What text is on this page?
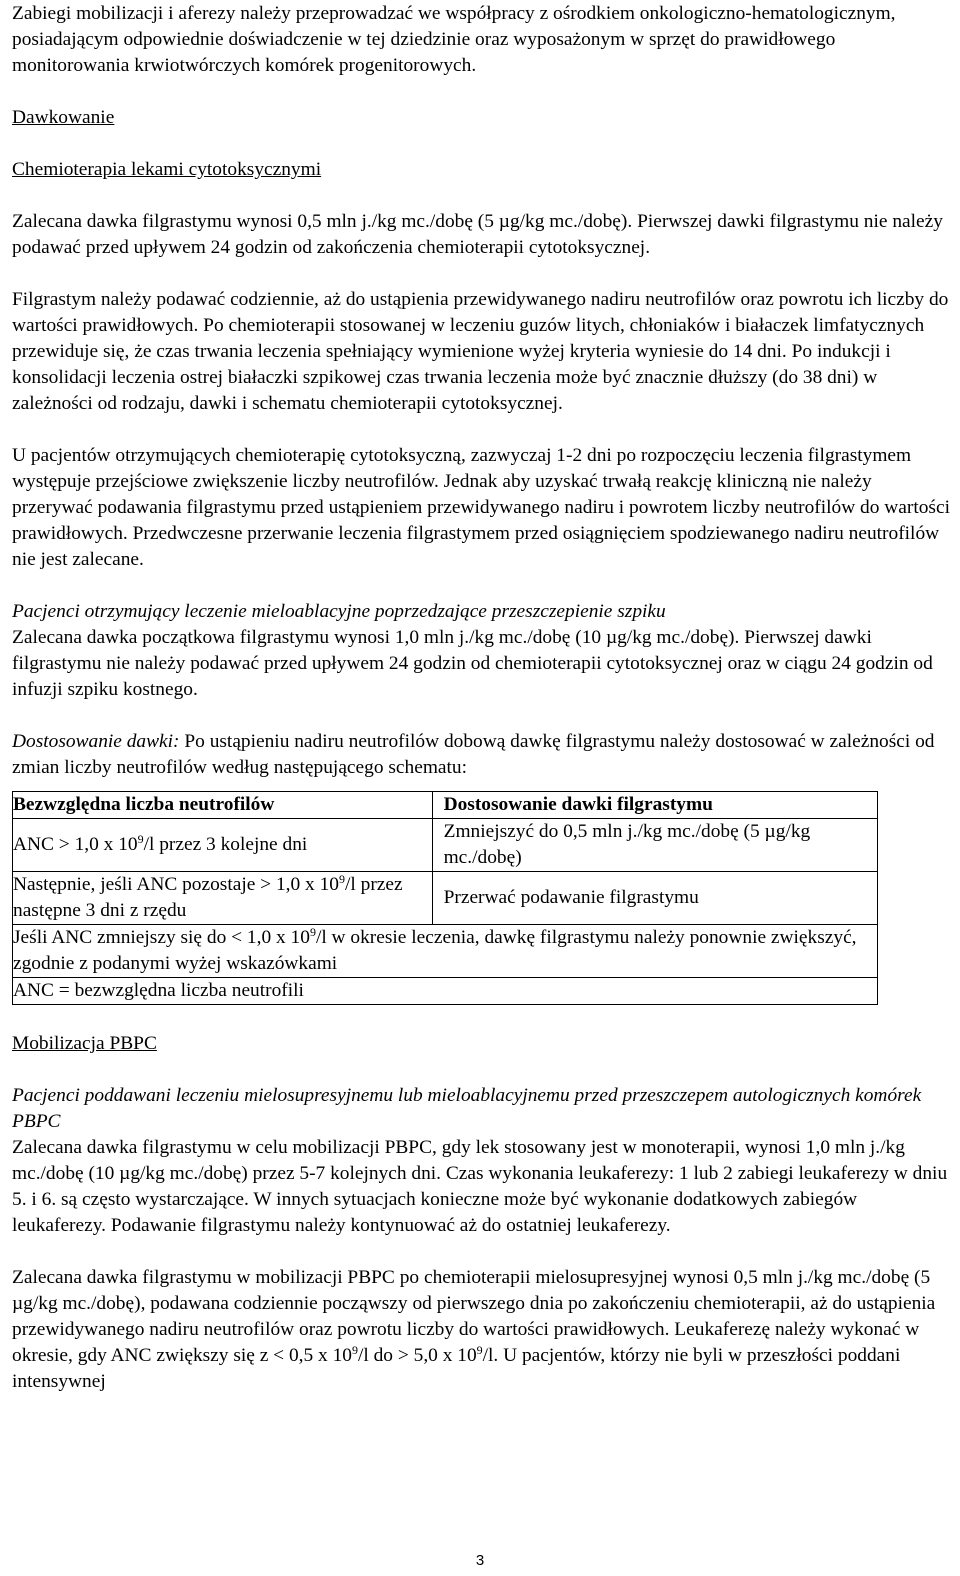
Zabiegi mobilizacji i aferezy należy przeprowadzać we współpracy z ośrodkiem onkologiczno-hematologicznym, posiadającym odpowiednie doświadczenie w tej dziedzinie oraz wyposażonym w sprzęt do prawidłowego monitorowania krwiotwórczych komórek progenitorowych.

Dawkowanie

Chemioterapia lekami cytotoksycznymi

Zalecana dawka filgrastymu wynosi 0,5 mln j./kg mc./dobę (5 µg/kg mc./dobę). Pierwszej dawki filgrastymu nie należy podawać przed upływem 24 godzin od zakończenia chemioterapii cytotoksycznej.

Filgrastym należy podawać codziennie, aż do ustąpienia przewidywanego nadiru neutrofilów oraz powrotu ich liczby do wartości prawidłowych. Po chemioterapii stosowanej w leczeniu guzów litych, chłoniaków i białaczek limfatycznych przewiduje się, że czas trwania leczenia spełniający wymienione wyżej kryteria wyniesie do 14 dni. Po indukcji i konsolidacji leczenia ostrej białaczki szpikowej czas trwania leczenia może być znacznie dłuższy (do 38 dni) w zależności od rodzaju, dawki i schematu chemioterapii cytotoksycznej.

U pacjentów otrzymujących chemioterapię cytotoksyczną, zazwyczaj 1-2 dni po rozpoczęciu leczenia filgrastymem występuje przejściowe zwiększenie liczby neutrofilów. Jednak aby uzyskać trwałą reakcję kliniczną nie należy przerywać podawania filgrastymu przed ustąpieniem przewidywanego nadiru i powrotem liczby neutrofilów do wartości prawidłowych. Przedwczesne przerwanie leczenia filgrastymem przed osiągnięciem spodziewanego nadiru neutrofilów nie jest zalecane.

Pacjenci otrzymujący leczenie mieloablacyjne poprzedzające przeszczepienie szpiku

Zalecana dawka początkowa filgrastymu wynosi 1,0 mln j./kg mc./dobę (10 µg/kg mc./dobę). Pierwszej dawki filgrastymu nie należy podawać przed upływem 24 godzin od chemioterapii cytotoksycznej oraz w ciągu 24 godzin od infuzji szpiku kostnego.

Dostosowanie dawki: Po ustąpieniu nadiru neutrofilów dobową dawkę filgrastymu należy dostosować w zależności od zmian liczby neutrofilów według następującego schematu:

Bezwzględna liczba neutrofilów	Dostosowanie dawki filgrastymu
ANC > 1,0 x $10^9/l$ przez 3 kolejne dni	Zmniejszyć do 0,5 mln j./kg mc./dobę (5 µg/kg mc./dobę)
Następnie, jeśli ANC pozostaje > 1,0 x $10^9/l$ przez następne 3 dni z rzędu	Przerwać podawanie filgrastymu
Jeśli ANC zmniejszy się do < 1,0 x $10^9/l$ w okresie leczenia, dawkę filgrastymu należy ponownie zwiększyć, zgodnie z podanymi wyżej wskazówkami	
ANC = bezwzględna liczba neutrofili	

Mobilizacja PBPC

Pacjenci poddawani leczeniu mielosupresyjnemu lub mieloablacyjnemu przed przeszczepem autologicznych komórek PBPC

Zalecana dawka filgrastymu w celu mobilizacji PBPC, gdy lek stosowany jest w monoterapii, wynosi 1,0 mln j./kg mc./dobę (10 µg/kg mc./dobę) przez 5-7 kolejnych dni. Czas wykonania leukaferezy: 1 lub 2 zabiegi leukaferezy w dniu 5. i 6. są często wystarczające. W innych sytuacjach konieczne może być wykonanie dodatkowych zabiegów leukaferezy. Podawanie filgrastymu należy kontynuować aż do ostatniej leukaferezy.

Zalecana dawka filgrastymu w mobilizacji PBPC po chemioterapii mielosupresyjnej wynosi 0,5 mln j./kg mc./dobę (5 µg/kg mc./dobę), podawana codziennie począwszy od pierwszego dnia po zakończeniu chemioterapii, aż do ustąpienia przewidywanego nadiru neutrofilów oraz powrotu liczby do wartości prawidłowych. Leukaferezę należy wykonać w okresie, gdy ANC zwiększy się z < 0,5 x $10^9/l$ do > 5,0 x $10^9/l$. U pacjentów, którzy nie byli w przeszłości poddani intensywnej

3
